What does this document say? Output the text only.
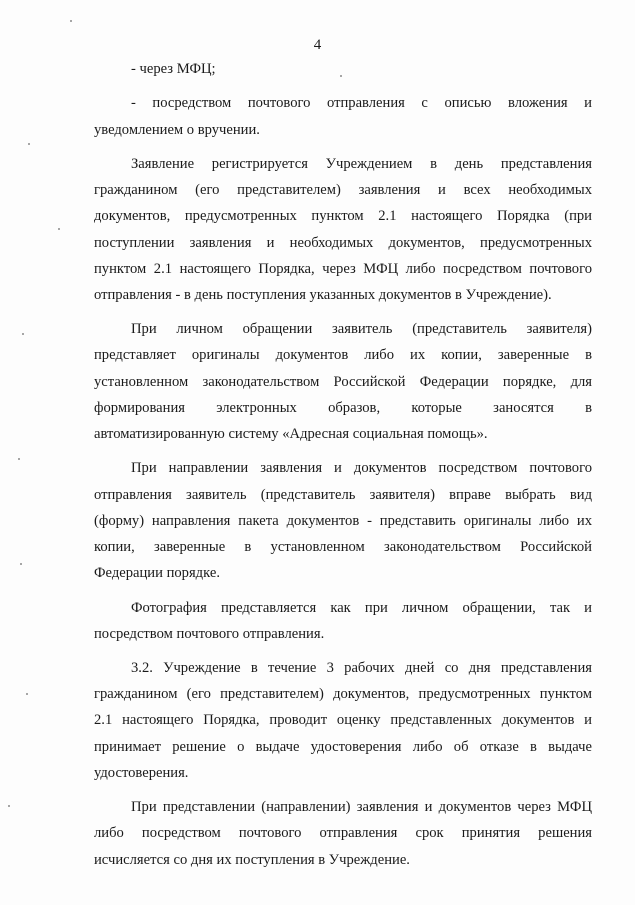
4
- через МФЦ;
- посредством почтового отправления с описью вложения и
уведомлением о вручении.
Заявление регистрируется Учреждением в день представления
гражданином (его представителем) заявления и всех необходимых
документов, предусмотренных пунктом 2.1 настоящего Порядка (при
поступлении заявления и необходимых документов, предусмотренных
пунктом 2.1 настоящего Порядка, через МФЦ либо посредством почтового
отправления - в день поступления указанных документов в Учреждение).
При личном обращении заявитель (представитель заявителя)
представляет оригиналы документов либо их копии, заверенные в
установленном законодательством Российской Федерации порядке, для
формирования электронных образов, которые заносятся в
автоматизированную систему «Адресная социальная помощь».
При направлении заявления и документов посредством почтового
отправления заявитель (представитель заявителя) вправе выбрать вид
(форму) направления пакета документов - представить оригиналы либо их
копии, заверенные в установленном законодательством Российской
Федерации порядке.
Фотография представляется как при личном обращении, так и
посредством почтового отправления.
3.2. Учреждение в течение 3 рабочих дней со дня представления
гражданином (его представителем) документов, предусмотренных пунктом
2.1 настоящего Порядка, проводит оценку представленных документов и
принимает решение о выдаче удостоверения либо об отказе в выдаче
удостоверения.
При представлении (направлении) заявления и документов через МФЦ
либо посредством почтового отправления срок принятия решения
исчисляется со дня их поступления в Учреждение.
